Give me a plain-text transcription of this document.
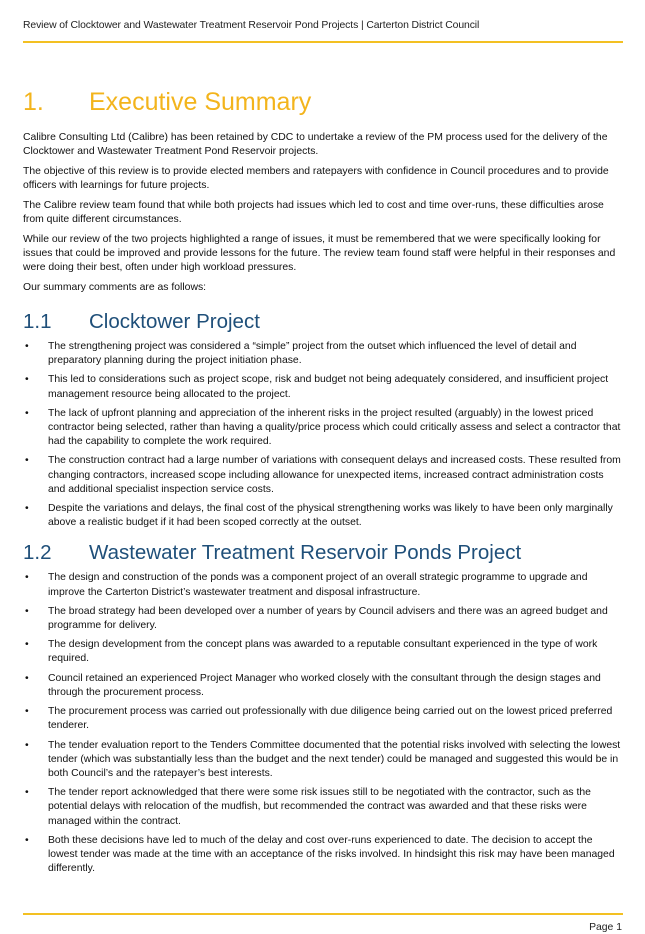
Review of Clocktower and Wastewater Treatment Reservoir Pond Projects | Carterton District Council
1.	Executive Summary

Calibre Consulting Ltd (Calibre) has been retained by CDC to undertake a review of the PM process used for the delivery of the Clocktower and Wastewater Treatment Pond Reservoir projects.

The objective of this review is to provide elected members and ratepayers with confidence in Council procedures and to provide officers with learnings for future projects.

The Calibre review team found that while both projects had issues which led to cost and time over-runs, these difficulties arose from quite different circumstances.

While our review of the two projects highlighted a range of issues, it must be remembered that we were specifically looking for issues that could be improved and provide lessons for the future. The review team found staff were helpful in their responses and were doing their best, often under high workload pressures.

Our summary comments are as follows:

1.1	Clocktower Project
• The strengthening project was considered a “simple” project from the outset which influenced the level of detail and preparatory planning during the project initiation phase.
• This led to considerations such as project scope, risk and budget not being adequately considered, and insufficient project management resource being allocated to the project.
• The lack of upfront planning and appreciation of the inherent risks in the project resulted (arguably) in the lowest priced contractor being selected, rather than having a quality/price process which could critically assess and select a contractor that had the capability to complete the work required.
• The construction contract had a large number of variations with consequent delays and increased costs. These resulted from changing contractors, increased scope including allowance for unexpected items, increased contract administration costs and additional specialist inspection service costs.
• Despite the variations and delays, the final cost of the physical strengthening works was likely to have been only marginally above a realistic budget if it had been scoped correctly at the outset.
1.2	Wastewater Treatment Reservoir Ponds Project
• The design and construction of the ponds was a component project of an overall strategic programme to upgrade and improve the Carterton District’s wastewater treatment and disposal infrastructure.
• The broad strategy had been developed over a number of years by Council advisers and there was an agreed budget and programme for delivery.
• The design development from the concept plans was awarded to a reputable consultant experienced in the type of work required.
• Council retained an experienced Project Manager who worked closely with the consultant through the design stages and through the procurement process.
• The procurement process was carried out professionally with due diligence being carried out on the lowest priced preferred tenderer.
• The tender evaluation report to the Tenders Committee documented that the potential risks involved with selecting the lowest tender (which was substantially less than the budget and the next tender) could be managed and suggested this would be in both Council’s and the ratepayer’s best interests.
• The tender report acknowledged that there were some risk issues still to be negotiated with the contractor, such as the potential delays with relocation of the mudfish, but recommended the contract was awarded and that these risks were managed within the contract.
• Both these decisions have led to much of the delay and cost over-runs experienced to date. The decision to accept the lowest tender was made at the time with an acceptance of the risks involved. In hindsight this risk may have been managed differently.
Page 1
